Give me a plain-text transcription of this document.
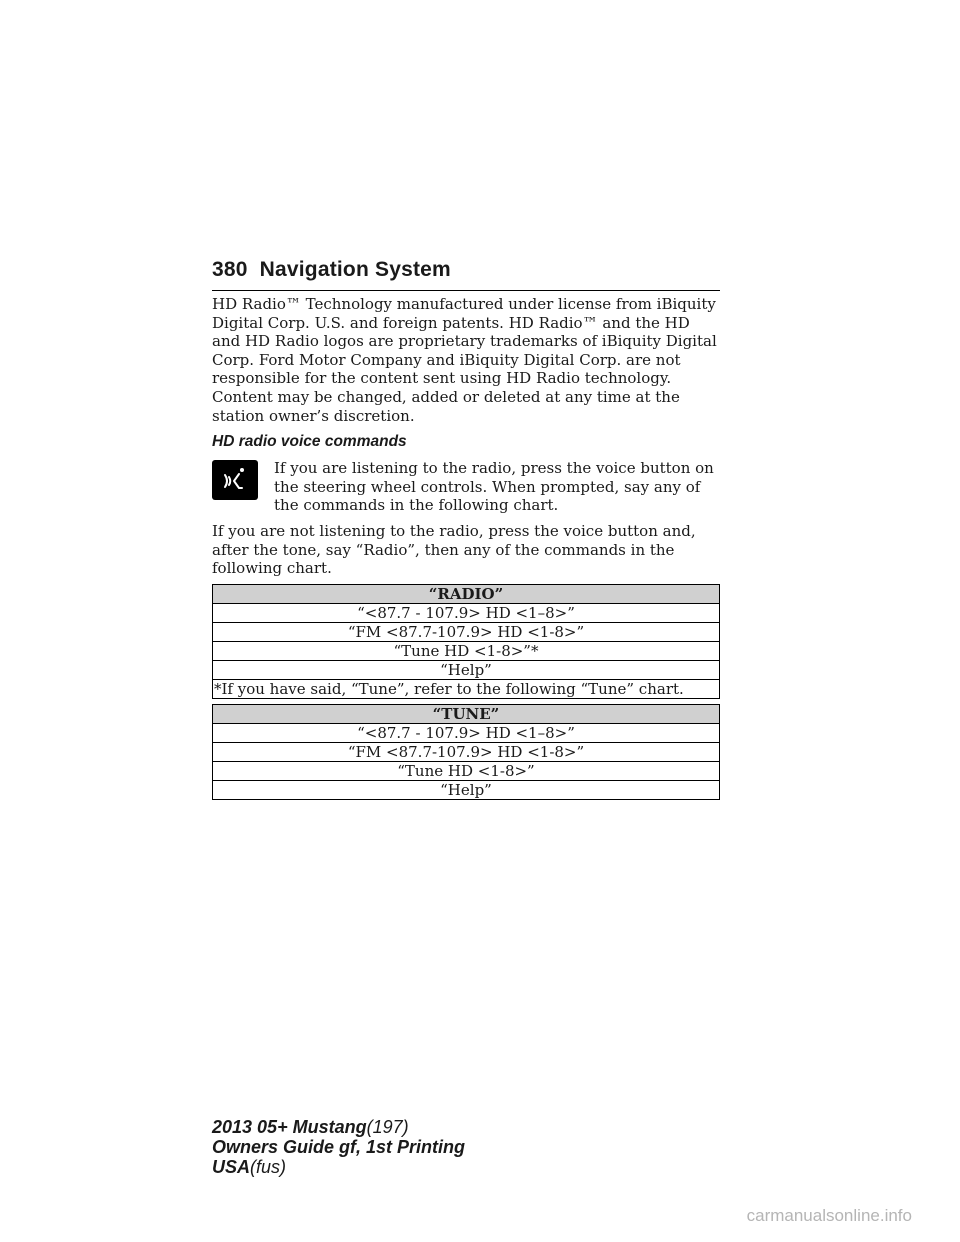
380 Navigation System

HD Radio™ Technology manufactured under license from iBiquity Digital Corp. U.S. and foreign patents. HD Radio™ and the HD and HD Radio logos are proprietary trademarks of iBiquity Digital Corp. Ford Motor Company and iBiquity Digital Corp. are not responsible for the content sent using HD Radio technology. Content may be changed, added or deleted at any time at the station owner’s discretion.

HD radio voice commands

If you are listening to the radio, press the voice button on the steering wheel controls. When prompted, say any of the commands in the following chart.

If you are not listening to the radio, press the voice button and, after the tone, say “Radio”, then any of the commands in the following chart.

“RADIO”
“<87.7 - 107.9> HD <1–8>”
“FM <87.7-107.9> HD <1-8>”
“Tune HD <1-8>”*
“Help”
*If you have said, “Tune”, refer to the following “Tune” chart.
“TUNE”
“<87.7 - 107.9> HD <1–8>”
“FM <87.7-107.9> HD <1-8>”
“Tune HD <1-8>”
“Help”
2013 05+ Mustang(197)
Owners Guide gf, 1st Printing
USA(fus)
carmanualsonline.info
